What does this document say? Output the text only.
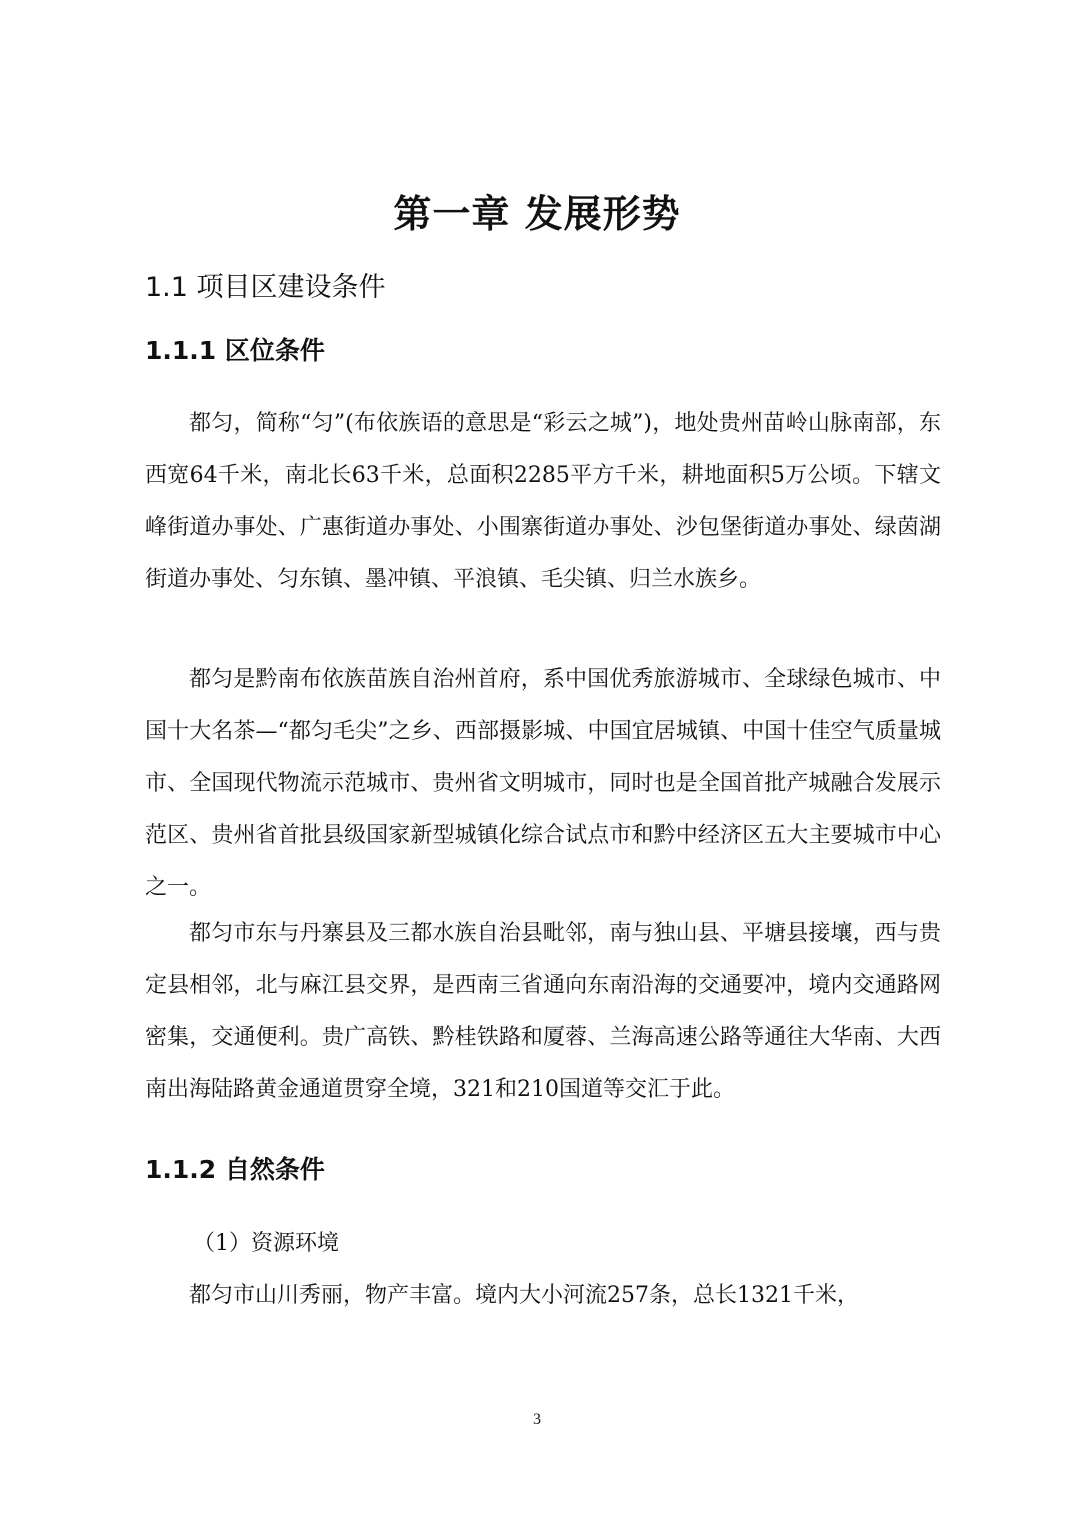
第一章 发展形势
1.1 项目区建设条件
1.1.1 区位条件

都匀，简称“匀”(布依族语的意思是“彩云之城”)，地处贵州苗岭山脉南部，东西宽64千米，南北长63千米，总面积2285平方千米，耕地面积5万公顷。下辖文峰街道办事处、广惠街道办事处、小围寨街道办事处、沙包堡街道办事处、绿茵湖街道办事处、匀东镇、墨冲镇、平浪镇、毛尖镇、归兰水族乡。

都匀是黔南布依族苗族自治州首府，系中国优秀旅游城市、全球绿色城市、中国十大名茶—“都匀毛尖”之乡、西部摄影城、中国宜居城镇、中国十佳空气质量城市、全国现代物流示范城市、贵州省文明城市，同时也是全国首批产城融合发展示范区、贵州省首批县级国家新型城镇化综合试点市和黔中经济区五大主要城市中心之一。

都匀市东与丹寨县及三都水族自治县毗邻，南与独山县、平塘县接壤，西与贵定县相邻，北与麻江县交界，是西南三省通向东南沿海的交通要冲，境内交通路网密集，交通便利。贵广高铁、黔桂铁路和厦蓉、兰海高速公路等通往大华南、大西南出海陆路黄金通道贯穿全境，321和210国道等交汇于此。

1.1.2 自然条件
（1）资源环境

都匀市山川秀丽，物产丰富。境内大小河流257条，总长1321千米，

3
